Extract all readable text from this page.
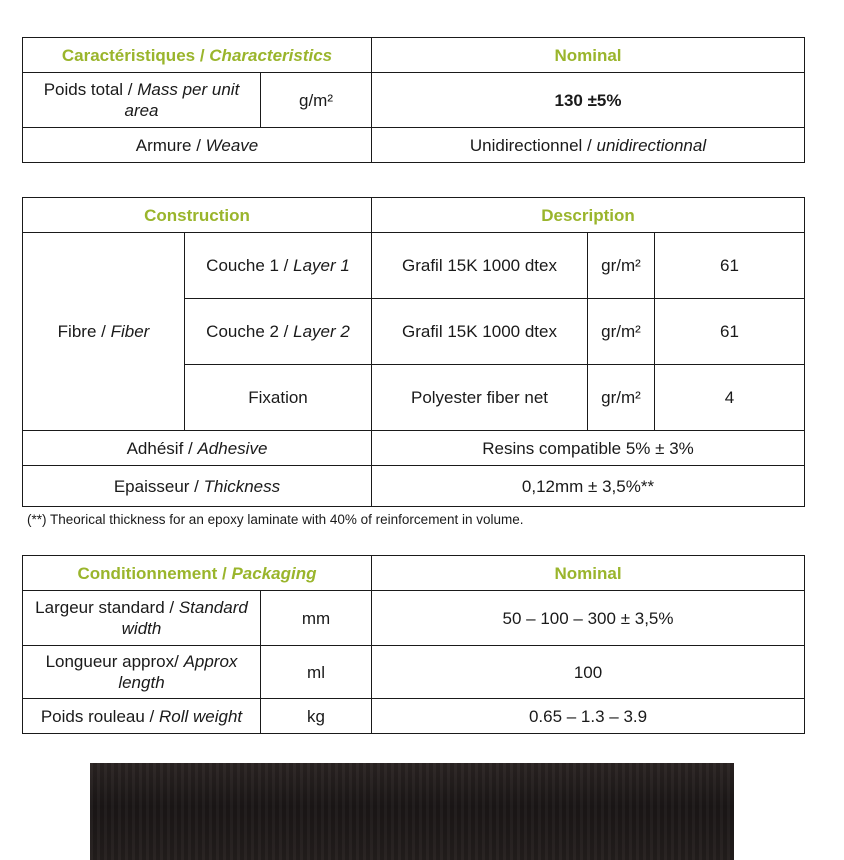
Caractéristiques / Characteristics		Nominal
Poids total / Mass per unit area	g/m²	130 ±5%
Armure / Weave		Unidirectionnel / unidirectionnal
Construction		Description		
Fibre / Fiber	Couche 1 / Layer 1	Grafil 15K 1000 dtex	gr/m²	61
	Couche 2 / Layer 2	Grafil 15K 1000 dtex	gr/m²	61
	Fixation	Polyester fiber net	gr/m²	4
Adhésif / Adhesive		Resins compatible 5% ± 3%		
Epaisseur / Thickness		0,12mm ± 3,5%**		
(**) Theorical thickness for an epoxy laminate with 40% of reinforcement in volume.
Conditionnement / Packaging		Nominal
Largeur standard / Standard width	mm	50 – 100 – 300 ± 3,5%
Longueur approx/ Approx length	ml	100
Poids rouleau / Roll weight	kg	0.65 – 1.3 – 3.9
